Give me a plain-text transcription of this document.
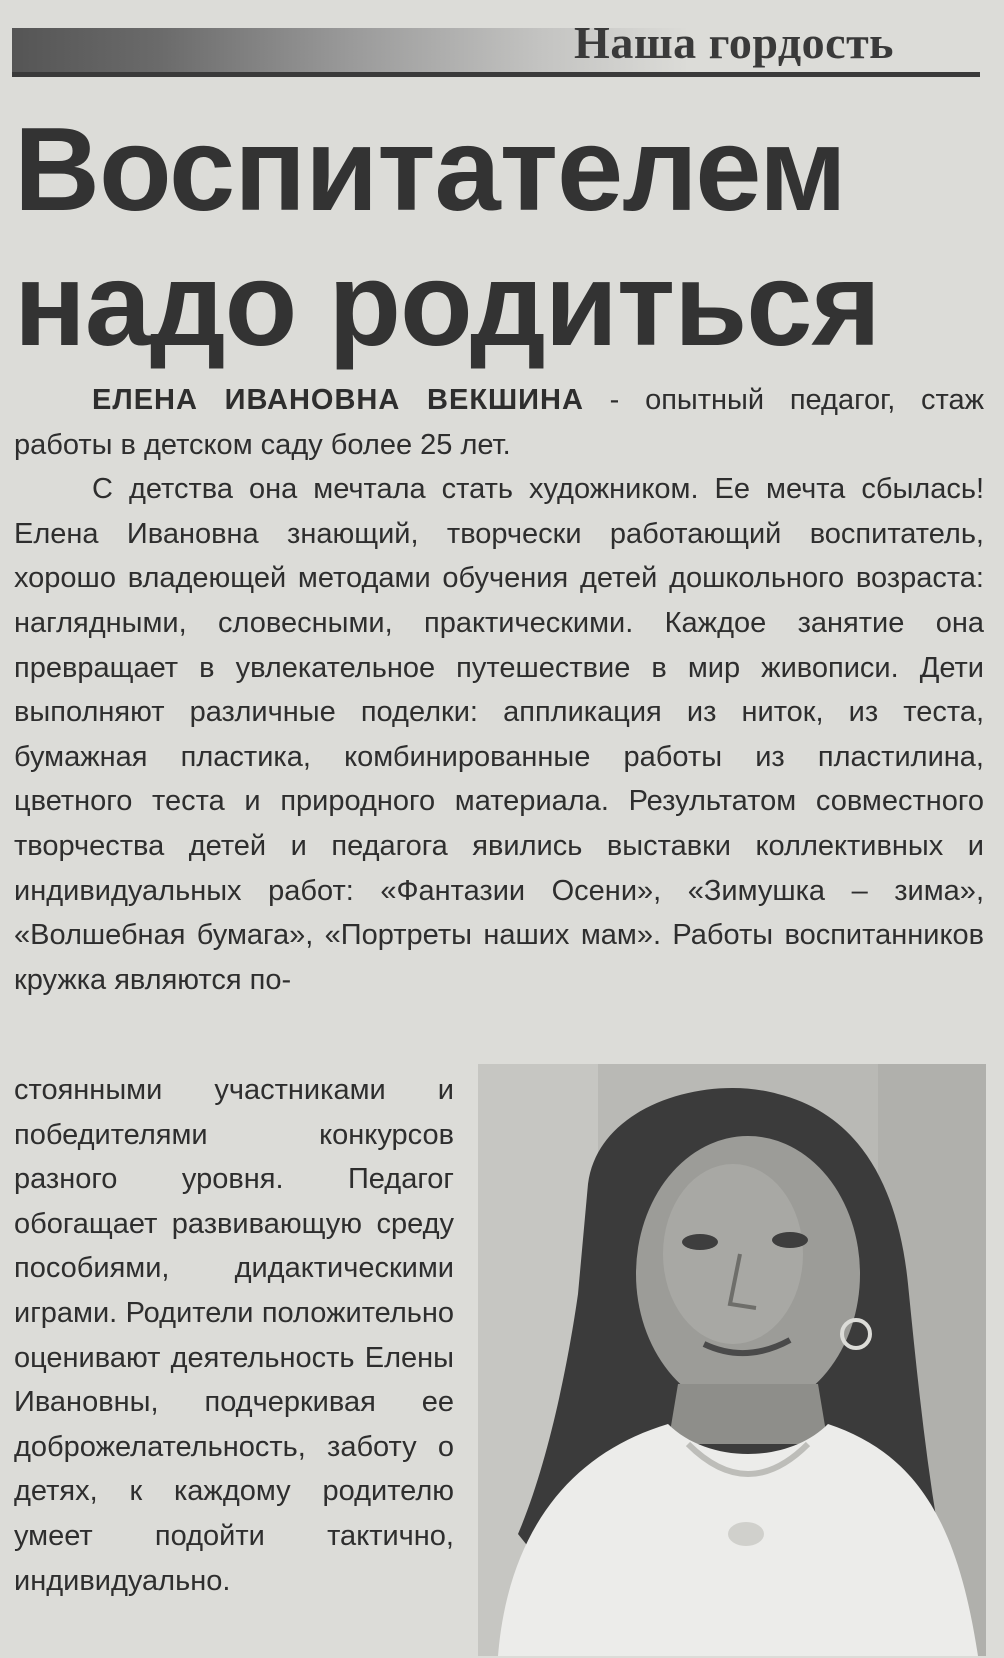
Наша гордость
Воспитателем
надо родиться

ЕЛЕНА ИВАНОВНА ВЕКШИНА - опытный педагог, стаж работы в детском саду более 25 лет.

С детства она мечтала стать художником. Ее мечта сбылась! Елена Ивановна знающий, творчески работающий воспитатель, хорошо владеющей методами обучения детей дошкольного возраста: наглядными, словесными, практическими. Каждое занятие она превращает в увлекательное путешествие в мир живописи. Дети выполняют различные поделки: аппликация из ниток, из теста, бумажная пластика, комбинированные работы из пластилина, цветного теста и природного материала. Результатом совместного творчества детей и педагога явились выставки коллективных и индивидуальных работ: «Фантазии Осени», «Зимушка – зима», «Волшебная бумага», «Портреты наших мам». Работы воспитанников кружка являются по-

стоянными участниками и победителями конкурсов разного уровня. Педагог обогащает развивающую среду пособиями, дидактическими играми. Родители положительно оценивают деятельность Елены Ивановны, подчеркивая ее доброжелательность, заботу о детях, к каждому родителю умеет подойти тактично, индивидуально.
